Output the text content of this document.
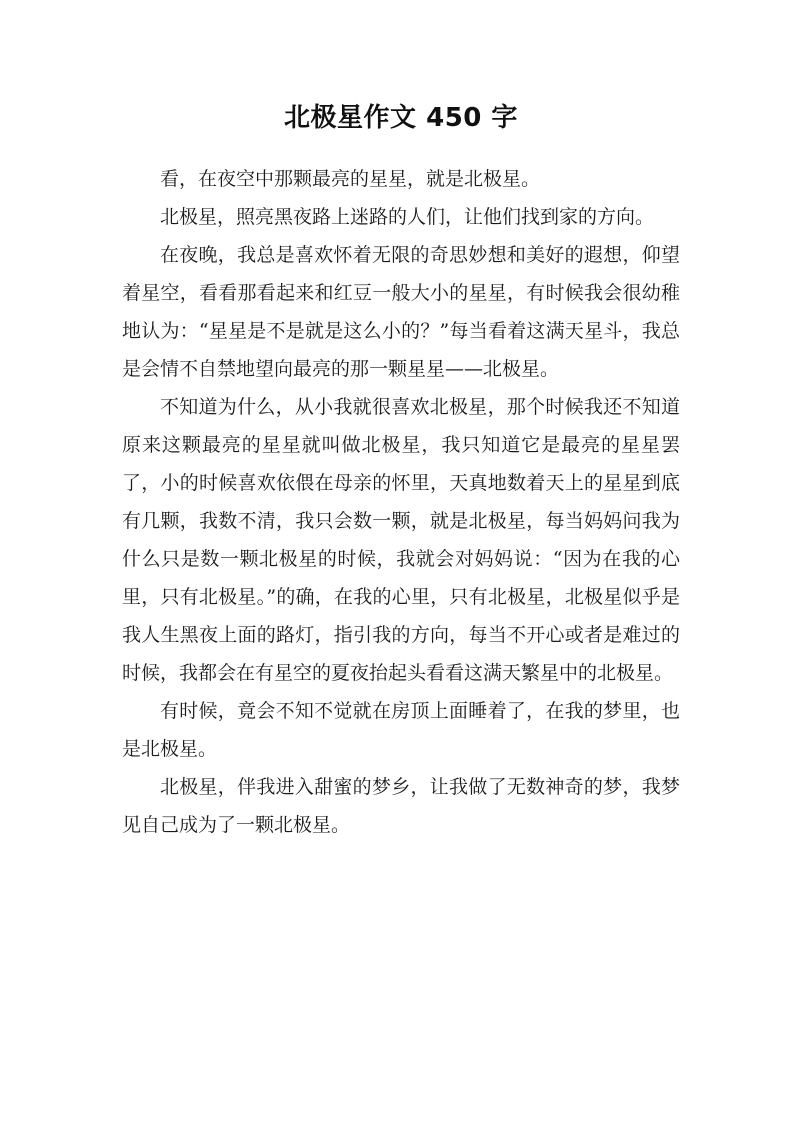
北极星作文 450 字

看，在夜空中那颗最亮的星星，就是北极星。

北极星，照亮黑夜路上迷路的人们，让他们找到家的方向。

在夜晚，我总是喜欢怀着无限的奇思妙想和美好的遐想，仰望着星空，看看那看起来和红豆一般大小的星星，有时候我会很幼稚地认为：“星星是不是就是这么小的？”每当看着这满天星斗，我总是会情不自禁地望向最亮的那一颗星星——北极星。

不知道为什么，从小我就很喜欢北极星，那个时候我还不知道原来这颗最亮的星星就叫做北极星，我只知道它是最亮的星星罢了，小的时候喜欢依偎在母亲的怀里，天真地数着天上的星星到底有几颗，我数不清，我只会数一颗，就是北极星，每当妈妈问我为什么只是数一颗北极星的时候，我就会对妈妈说：“因为在我的心里，只有北极星。”的确，在我的心里，只有北极星，北极星似乎是我人生黑夜上面的路灯，指引我的方向，每当不开心或者是难过的时候，我都会在有星空的夏夜抬起头看看这满天繁星中的北极星。

有时候，竟会不知不觉就在房顶上面睡着了，在我的梦里，也是北极星。

北极星，伴我进入甜蜜的梦乡，让我做了无数神奇的梦，我梦见自己成为了一颗北极星。
